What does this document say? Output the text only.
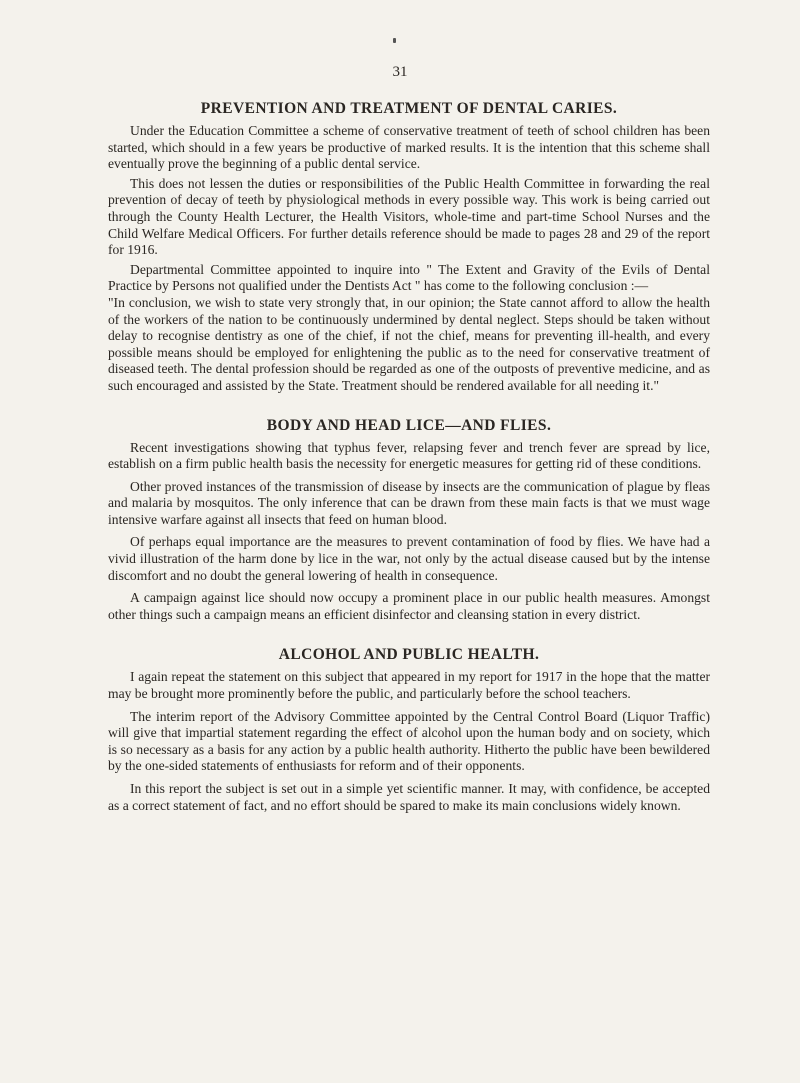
31
PREVENTION AND TREATMENT OF DENTAL CARIES.

Under the Education Committee a scheme of conservative treatment of teeth of school children has been started, which should in a few years be productive of marked results. It is the intention that this scheme shall eventually prove the beginning of a public dental service.

This does not lessen the duties or responsibilities of the Public Health Committee in forwarding the real prevention of decay of teeth by physiological methods in every possible way. This work is being carried out through the County Health Lecturer, the Health Visitors, whole-time and part-time School Nurses and the Child Welfare Medical Officers. For further details reference should be made to pages 28 and 29 of the report for 1916.

Departmental Committee appointed to inquire into " The Extent and Gravity of the Evils of Dental Practice by Persons not qualified under the Dentists Act " has come to the following conclusion :—

"In conclusion, we wish to state very strongly that, in our opinion; the State cannot afford to allow the health of the workers of the nation to be continuously undermined by dental neglect. Steps should be taken without delay to recognise dentistry as one of the chief, if not the chief, means for preventing ill-health, and every possible means should be employed for enlightening the public as to the need for conservative treatment of diseased teeth. The dental profession should be regarded as one of the outposts of preventive medicine, and as such encouraged and assisted by the State. Treatment should be rendered available for all needing it."

BODY AND HEAD LICE—AND FLIES.

Recent investigations showing that typhus fever, relapsing fever and trench fever are spread by lice, establish on a firm public health basis the necessity for energetic measures for getting rid of these conditions.

Other proved instances of the transmission of disease by insects are the communication of plague by fleas and malaria by mosquitos. The only inference that can be drawn from these main facts is that we must wage intensive warfare against all insects that feed on human blood.

Of perhaps equal importance are the measures to prevent contamination of food by flies. We have had a vivid illustration of the harm done by lice in the war, not only by the actual disease caused but by the intense discomfort and no doubt the general lowering of health in consequence.

A campaign against lice should now occupy a prominent place in our public health measures. Amongst other things such a campaign means an efficient disinfector and cleansing station in every district.

ALCOHOL AND PUBLIC HEALTH.

I again repeat the statement on this subject that appeared in my report for 1917 in the hope that the matter may be brought more prominently before the public, and particularly before the school teachers.

The interim report of the Advisory Committee appointed by the Central Control Board (Liquor Traffic) will give that impartial statement regarding the effect of alcohol upon the human body and on society, which is so necessary as a basis for any action by a public health authority. Hitherto the public have been bewildered by the one-sided statements of enthusiasts for reform and of their opponents.

In this report the subject is set out in a simple yet scientific manner. It may, with confidence, be accepted as a correct statement of fact, and no effort should be spared to make its main conclusions widely known.
